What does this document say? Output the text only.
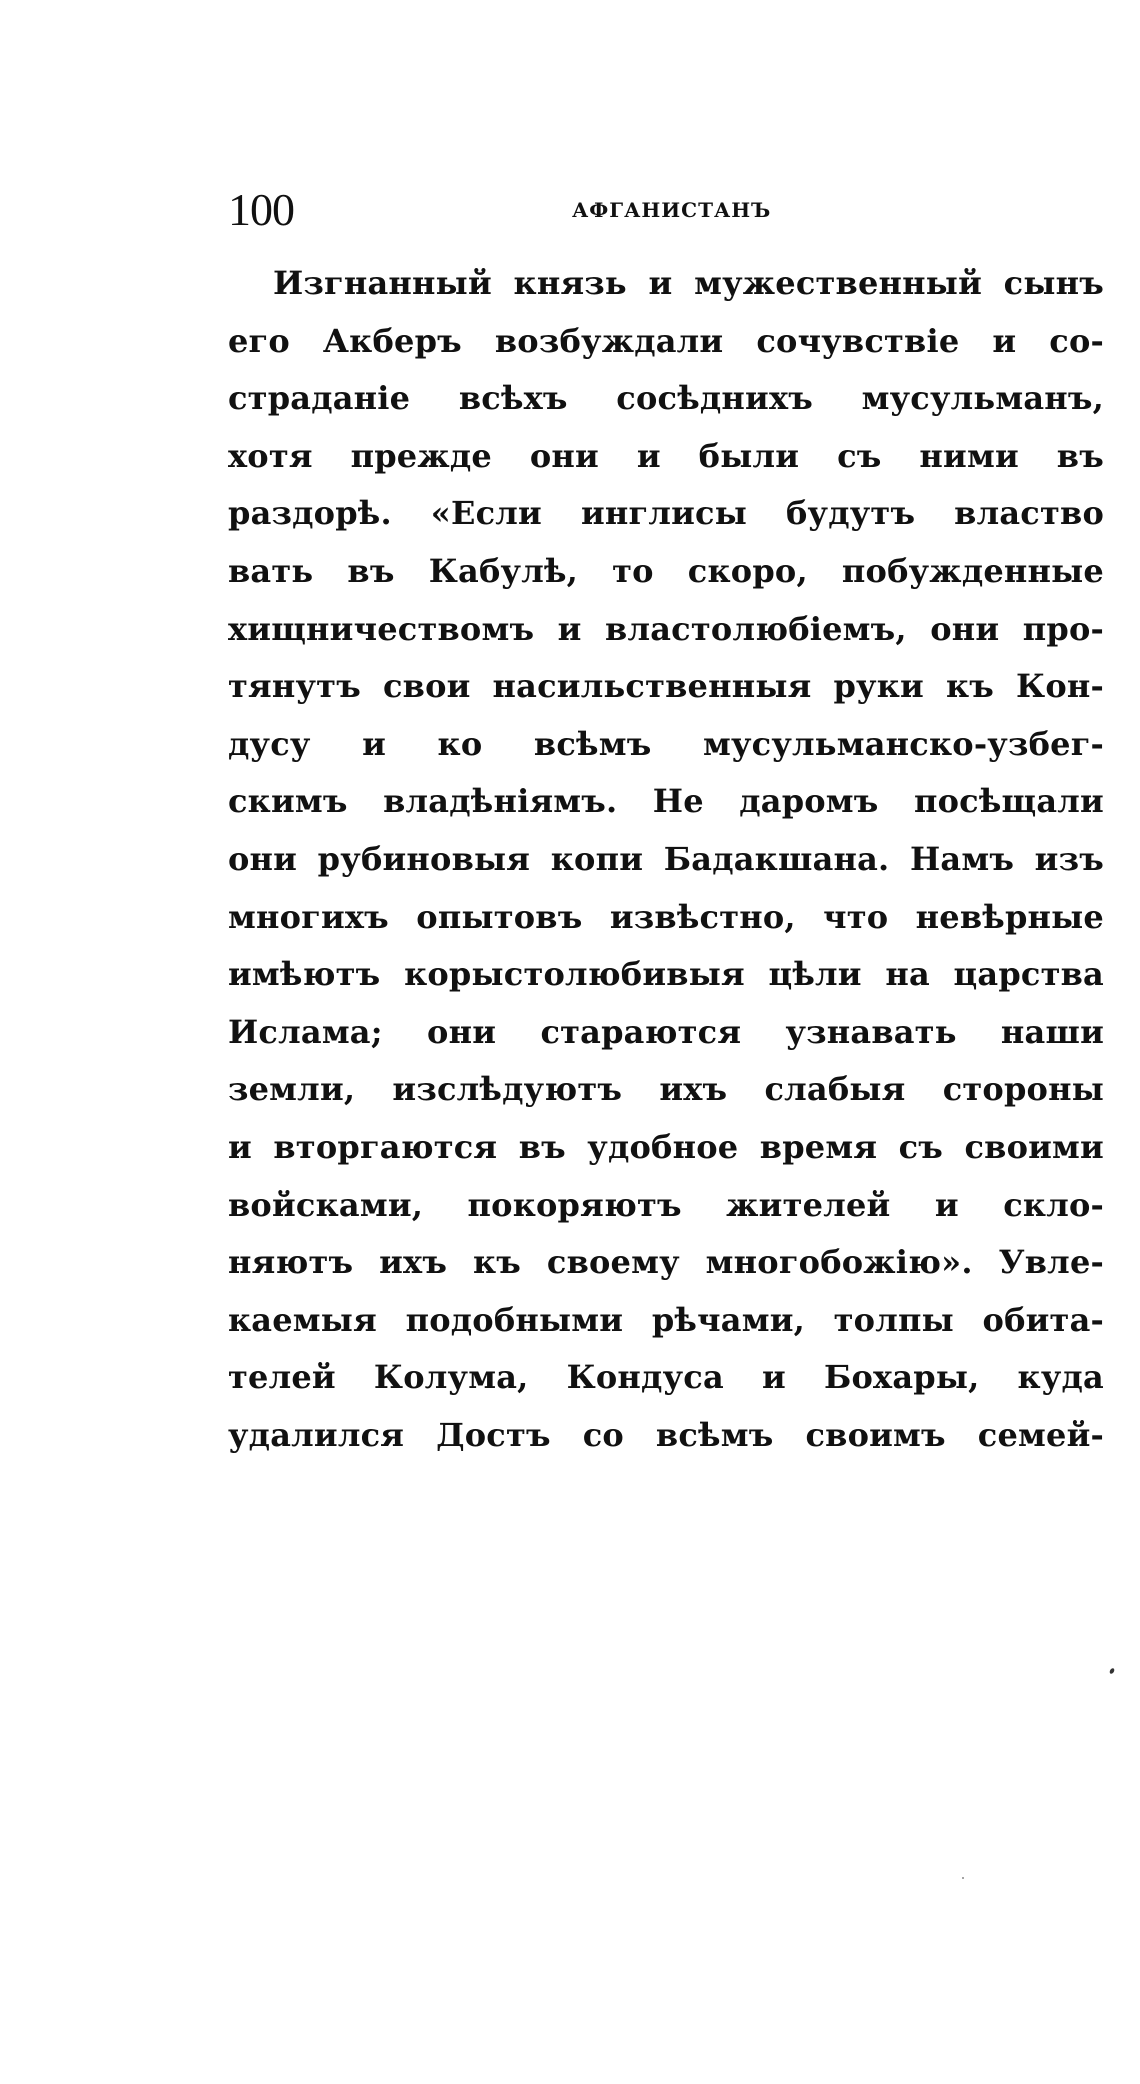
100	АФГАНИСТАНЪ
Изгнанный князь и мужественный сынъ
его Акберъ возбуждали сочувствіе и со-
страданіе всѣхъ сосѣднихъ мусульманъ,
хотя прежде они и были съ ними въ
раздорѣ. «Если инглисы будутъ властво
вать въ Кабулѣ, то скоро, побужденные
хищничествомъ и властолюбіемъ, они про-
тянутъ свои насильственныя руки къ Кон-
дусу и ко всѣмъ мусульманско-узбег-
скимъ владѣніямъ. Не даромъ посѣщали
они рубиновыя копи Бадакшана. Намъ изъ
многихъ опытовъ извѣстно, что невѣрные
имѣютъ корыстолюбивыя цѣли на царства
Ислама; они стараются узнавать наши
земли, изслѣдуютъ ихъ слабыя стороны
и вторгаются въ удобное время съ своими
войсками, покоряютъ жителей и скло-
няютъ ихъ къ своему многобожію». Увле-
каемыя подобными рѣчами, толпы обита-
телей Колума, Кондуса и Бохары, куда
удалился Достъ со всѣмъ своимъ семей-
